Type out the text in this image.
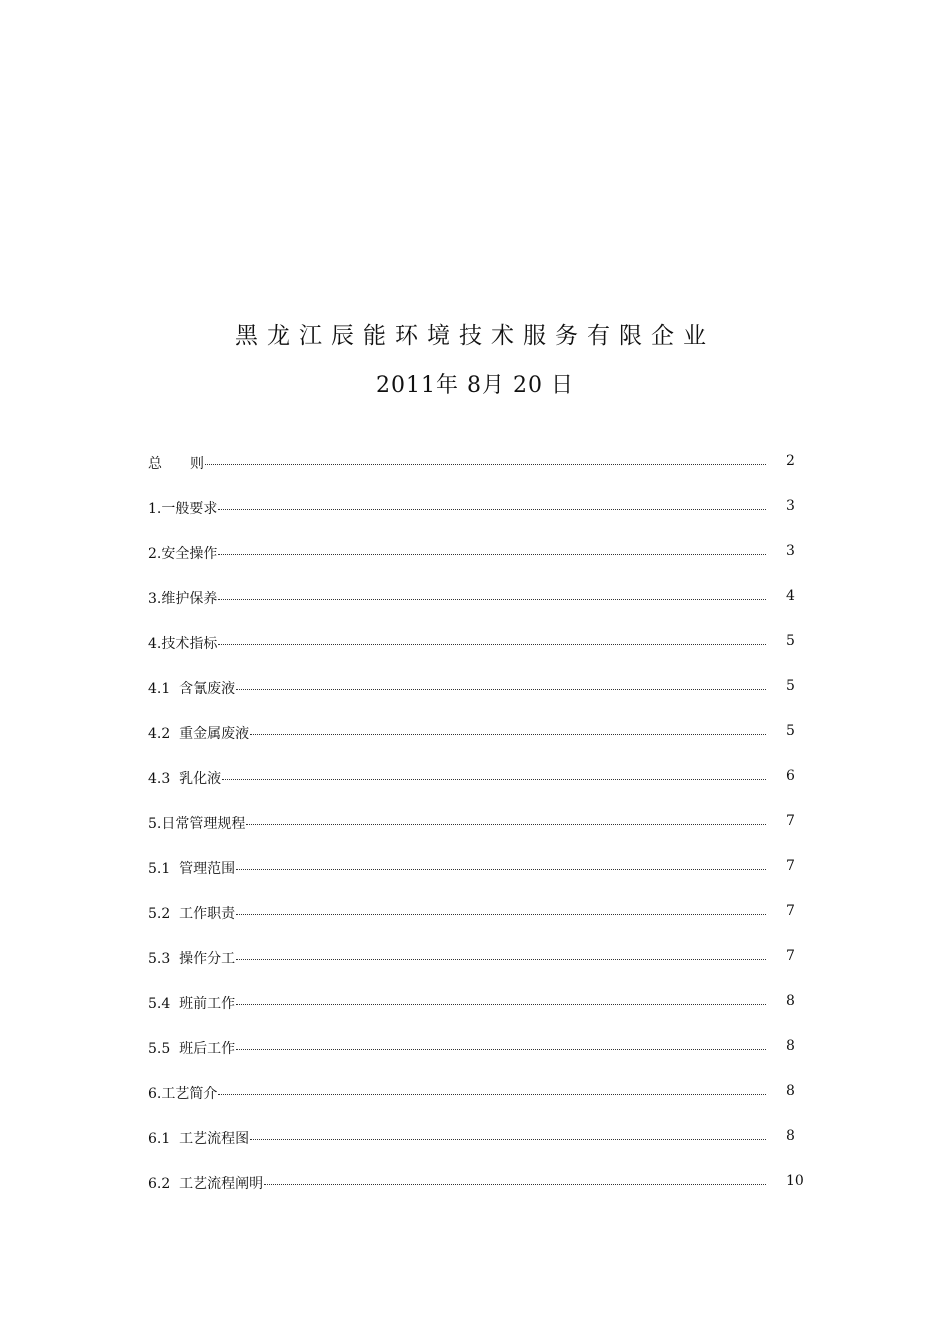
黑龙江辰能环境技术服务有限企业
2011年 8月 20 日
总　　则	2
1.一般要求	3
2.安全操作	3
3.维护保养	4
4.技术指标	5
4.1  含氰废液	5
4.2  重金属废液	5
4.3  乳化液	6
5.日常管理规程	7
5.1  管理范围	7
5.2  工作职责	7
5.3  操作分工	7
5.4  班前工作	8
5.5  班后工作	8
6.工艺简介	8
6.1  工艺流程图	8
6.2  工艺流程阐明	10
